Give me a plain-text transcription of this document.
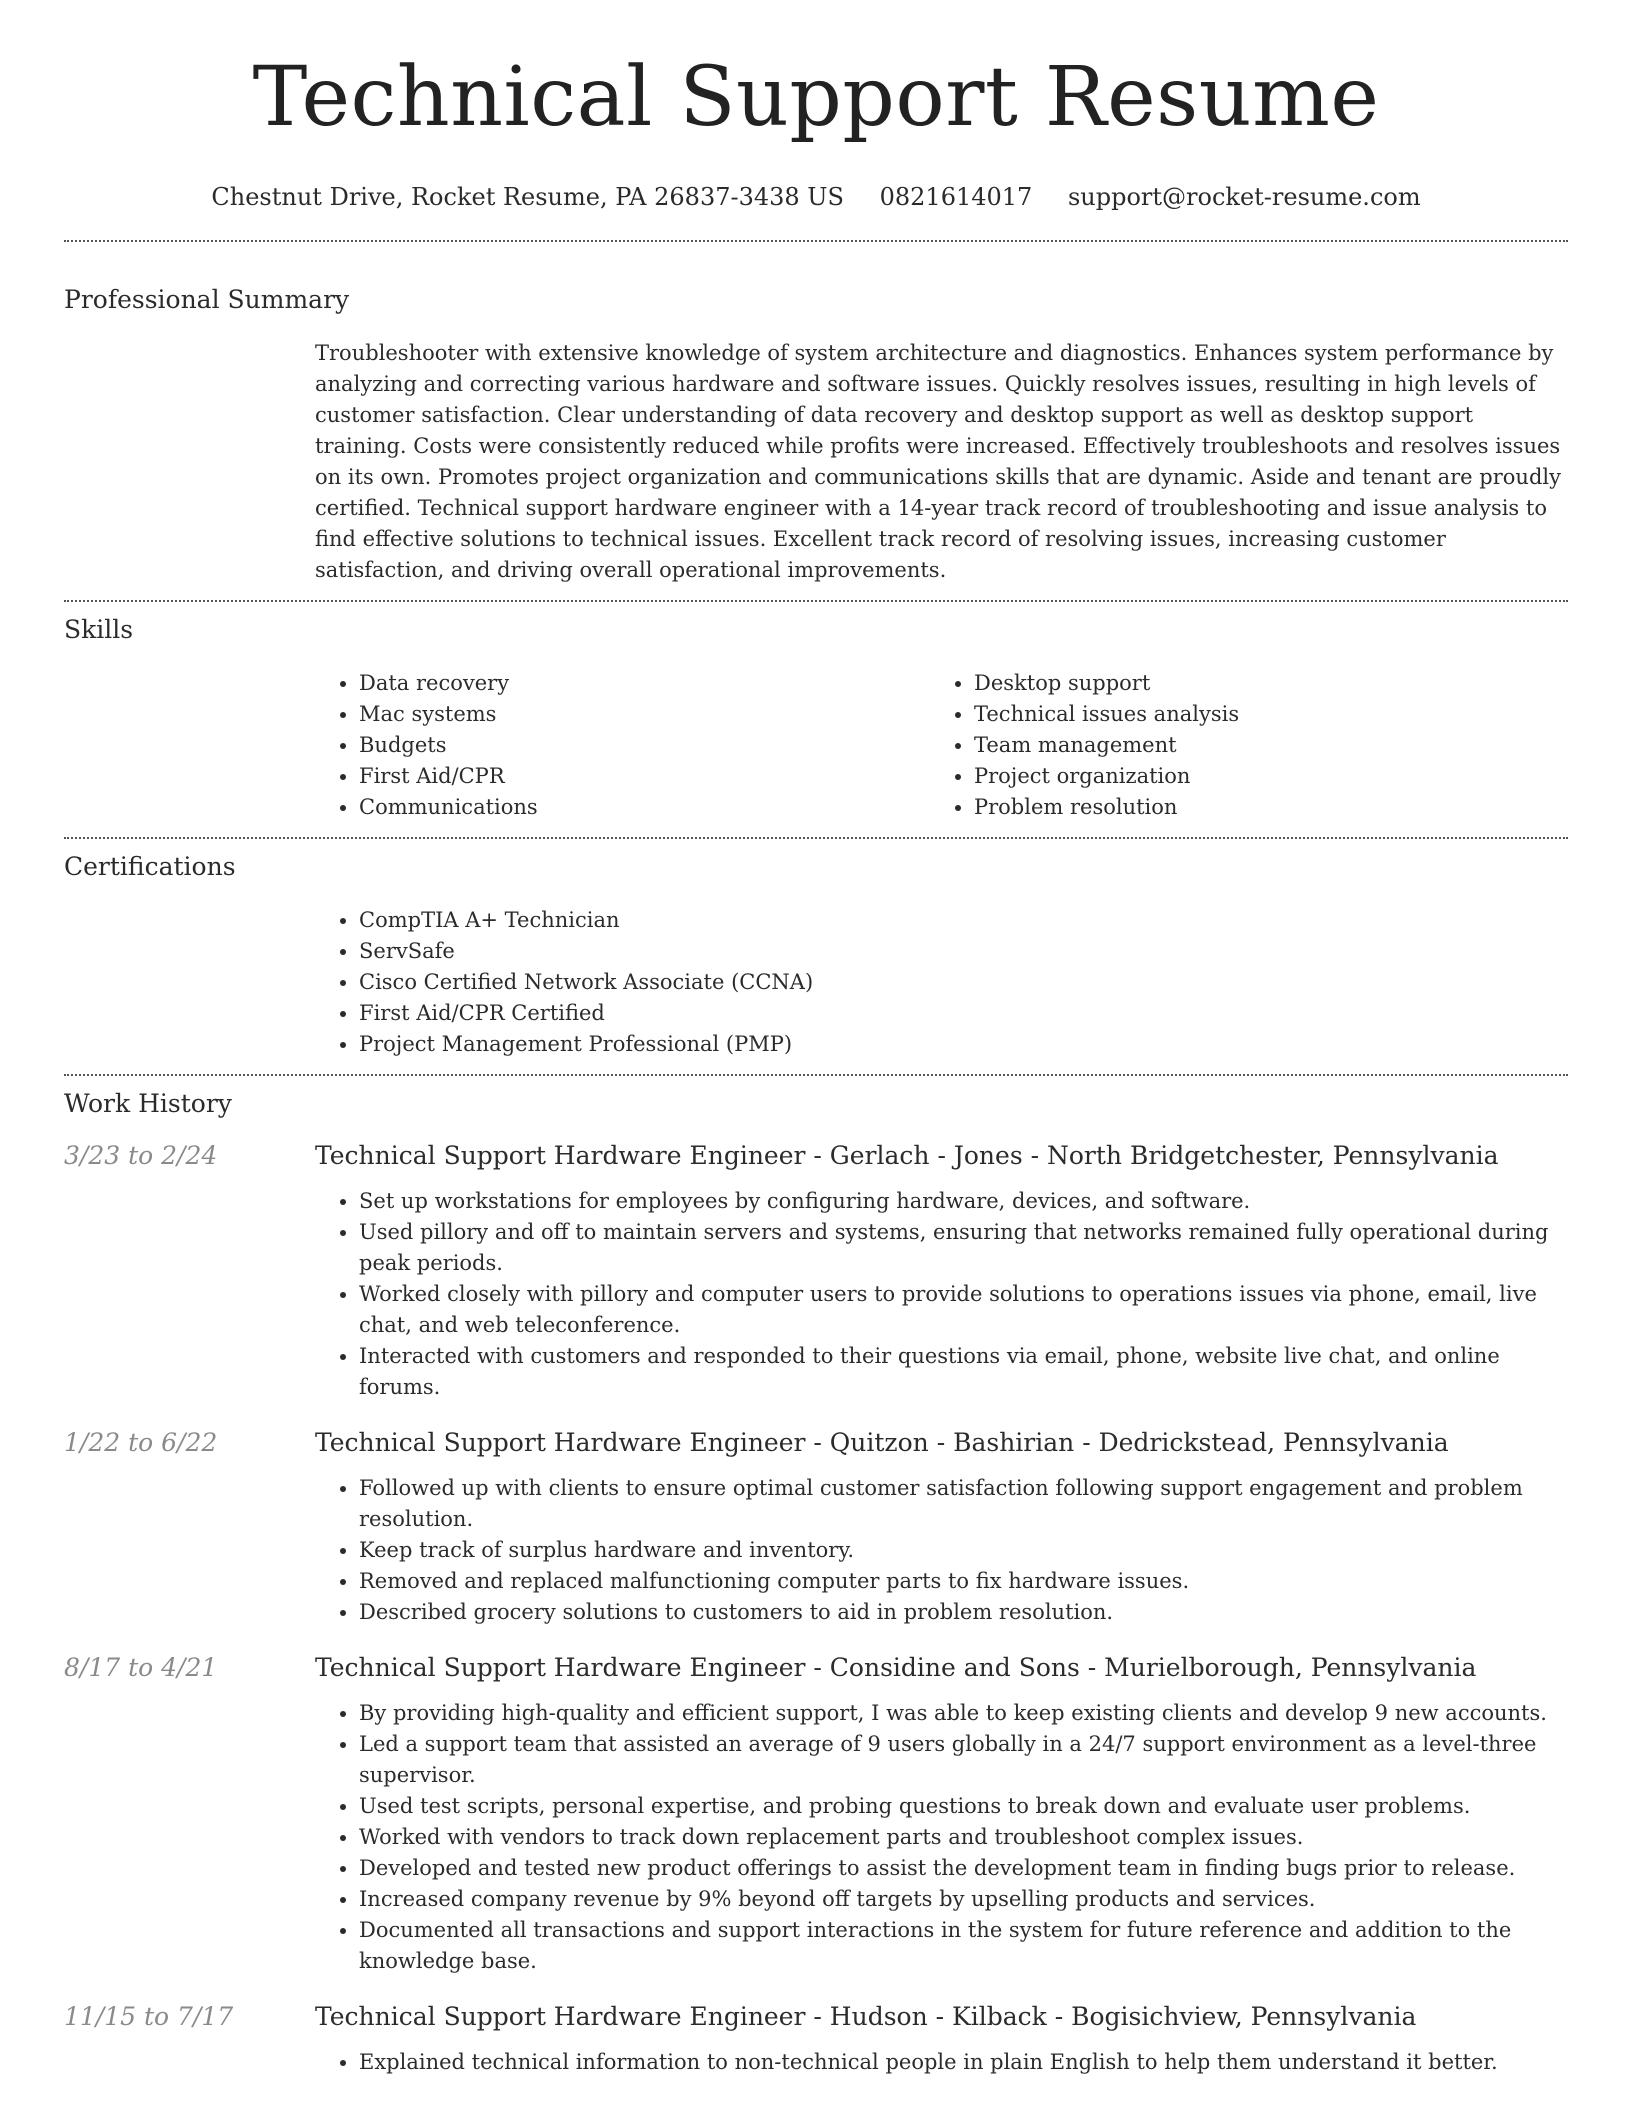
Technical Support Resume
Chestnut Drive, Rocket Resume, PA 26837-3438 US 0821614017 support@rocket-resume.com
Professional Summary
Troubleshooter with extensive knowledge of system architecture and diagnostics. Enhances system performance by analyzing and correcting various hardware and software issues. Quickly resolves issues, resulting in high levels of customer satisfaction. Clear understanding of data recovery and desktop support as well as desktop support training. Costs were consistently reduced while profits were increased. Effectively troubleshoots and resolves issues on its own. Promotes project organization and communications skills that are dynamic. Aside and tenant are proudly certified. Technical support hardware engineer with a 14-year track record of troubleshooting and issue analysis to find effective solutions to technical issues. Excellent track record of resolving issues, increasing customer satisfaction, and driving overall operational improvements.
Skills
• Data recovery
• Mac systems
• Budgets
• First Aid/CPR
• Communications
• Desktop support
• Technical issues analysis
• Team management
• Project organization
• Problem resolution
Certifications
• CompTIA A+ Technician
• ServSafe
• Cisco Certified Network Associate (CCNA)
• First Aid/CPR Certified
• Project Management Professional (PMP)
Work History
3/23 to 2/24	Technical Support Hardware Engineer - Gerlach - Jones - North Bridgetchester, Pennsylvania
• Set up workstations for employees by configuring hardware, devices, and software.
• Used pillory and off to maintain servers and systems, ensuring that networks remained fully operational during peak periods.
• Worked closely with pillory and computer users to provide solutions to operations issues via phone, email, live chat, and web teleconference.
• Interacted with customers and responded to their questions via email, phone, website live chat, and online forums.
1/22 to 6/22	Technical Support Hardware Engineer - Quitzon - Bashirian - Dedrickstead, Pennsylvania
• Followed up with clients to ensure optimal customer satisfaction following support engagement and problem resolution.
• Keep track of surplus hardware and inventory.
• Removed and replaced malfunctioning computer parts to fix hardware issues.
• Described grocery solutions to customers to aid in problem resolution.
8/17 to 4/21	Technical Support Hardware Engineer - Considine and Sons - Murielborough, Pennsylvania
• By providing high-quality and efficient support, I was able to keep existing clients and develop 9 new accounts.
• Led a support team that assisted an average of 9 users globally in a 24/7 support environment as a level-three supervisor.
• Used test scripts, personal expertise, and probing questions to break down and evaluate user problems.
• Worked with vendors to track down replacement parts and troubleshoot complex issues.
• Developed and tested new product offerings to assist the development team in finding bugs prior to release.
• Increased company revenue by 9% beyond off targets by upselling products and services.
• Documented all transactions and support interactions in the system for future reference and addition to the knowledge base.
11/15 to 7/17	Technical Support Hardware Engineer - Hudson - Kilback - Bogisichview, Pennsylvania
• Explained technical information to non-technical people in plain English to help them understand it better.
